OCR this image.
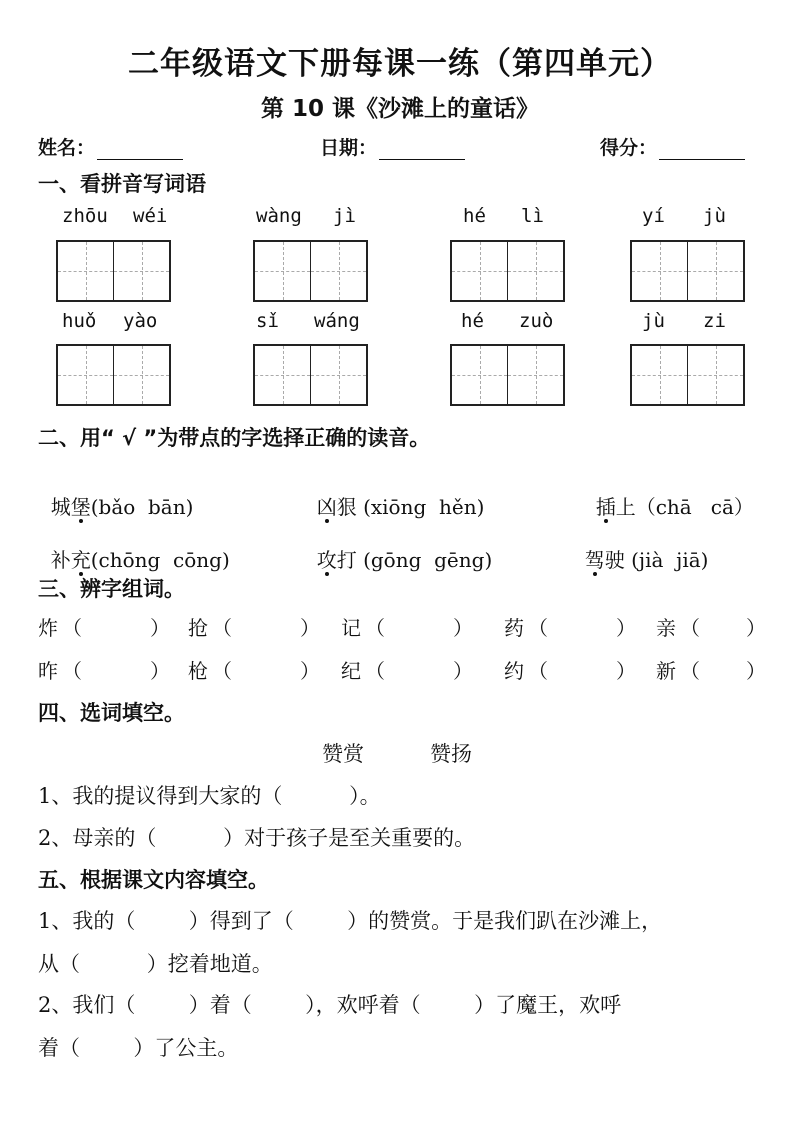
二年级语文下册每课一练（第四单元）
第 10 课《沙滩上的童话》
姓名：	日期：	得分：
一、看拼音写词语
zhōu wéi	wàng jì	hé lì	yí jù
huǒ yào	sǐ wáng	hé zuò	jù zi
二、用“ √ ”为带点的字选择正确的读音。

城堡(bǎo  bān)	凶狠 (xiōng  hěn)	插上（chā   cā）

补充(chōng  cōng)	攻打 (gōng  gēng)	驾驶 (jià  jiā)

三、辨字组词。
炸 （	） 抢 （	） 记 （	） 药 （	） 亲 （ ）
昨 （	） 枪 （	） 纪 （	） 约 （	） 新 （ ）
四、选词填空。
赞赏	赞扬
1、我的提议得到大家的（          ）。
2、母亲的（          ）对于孩子是至关重要的。
五、根据课文内容填空。
1、我的（        ）得到了（        ）的赞赏。于是我们趴在沙滩上，
从（          ）挖着地道。
2、我们（        ）着（        ），欢呼着（        ）了魔王，欢呼
着（        ）了公主。
